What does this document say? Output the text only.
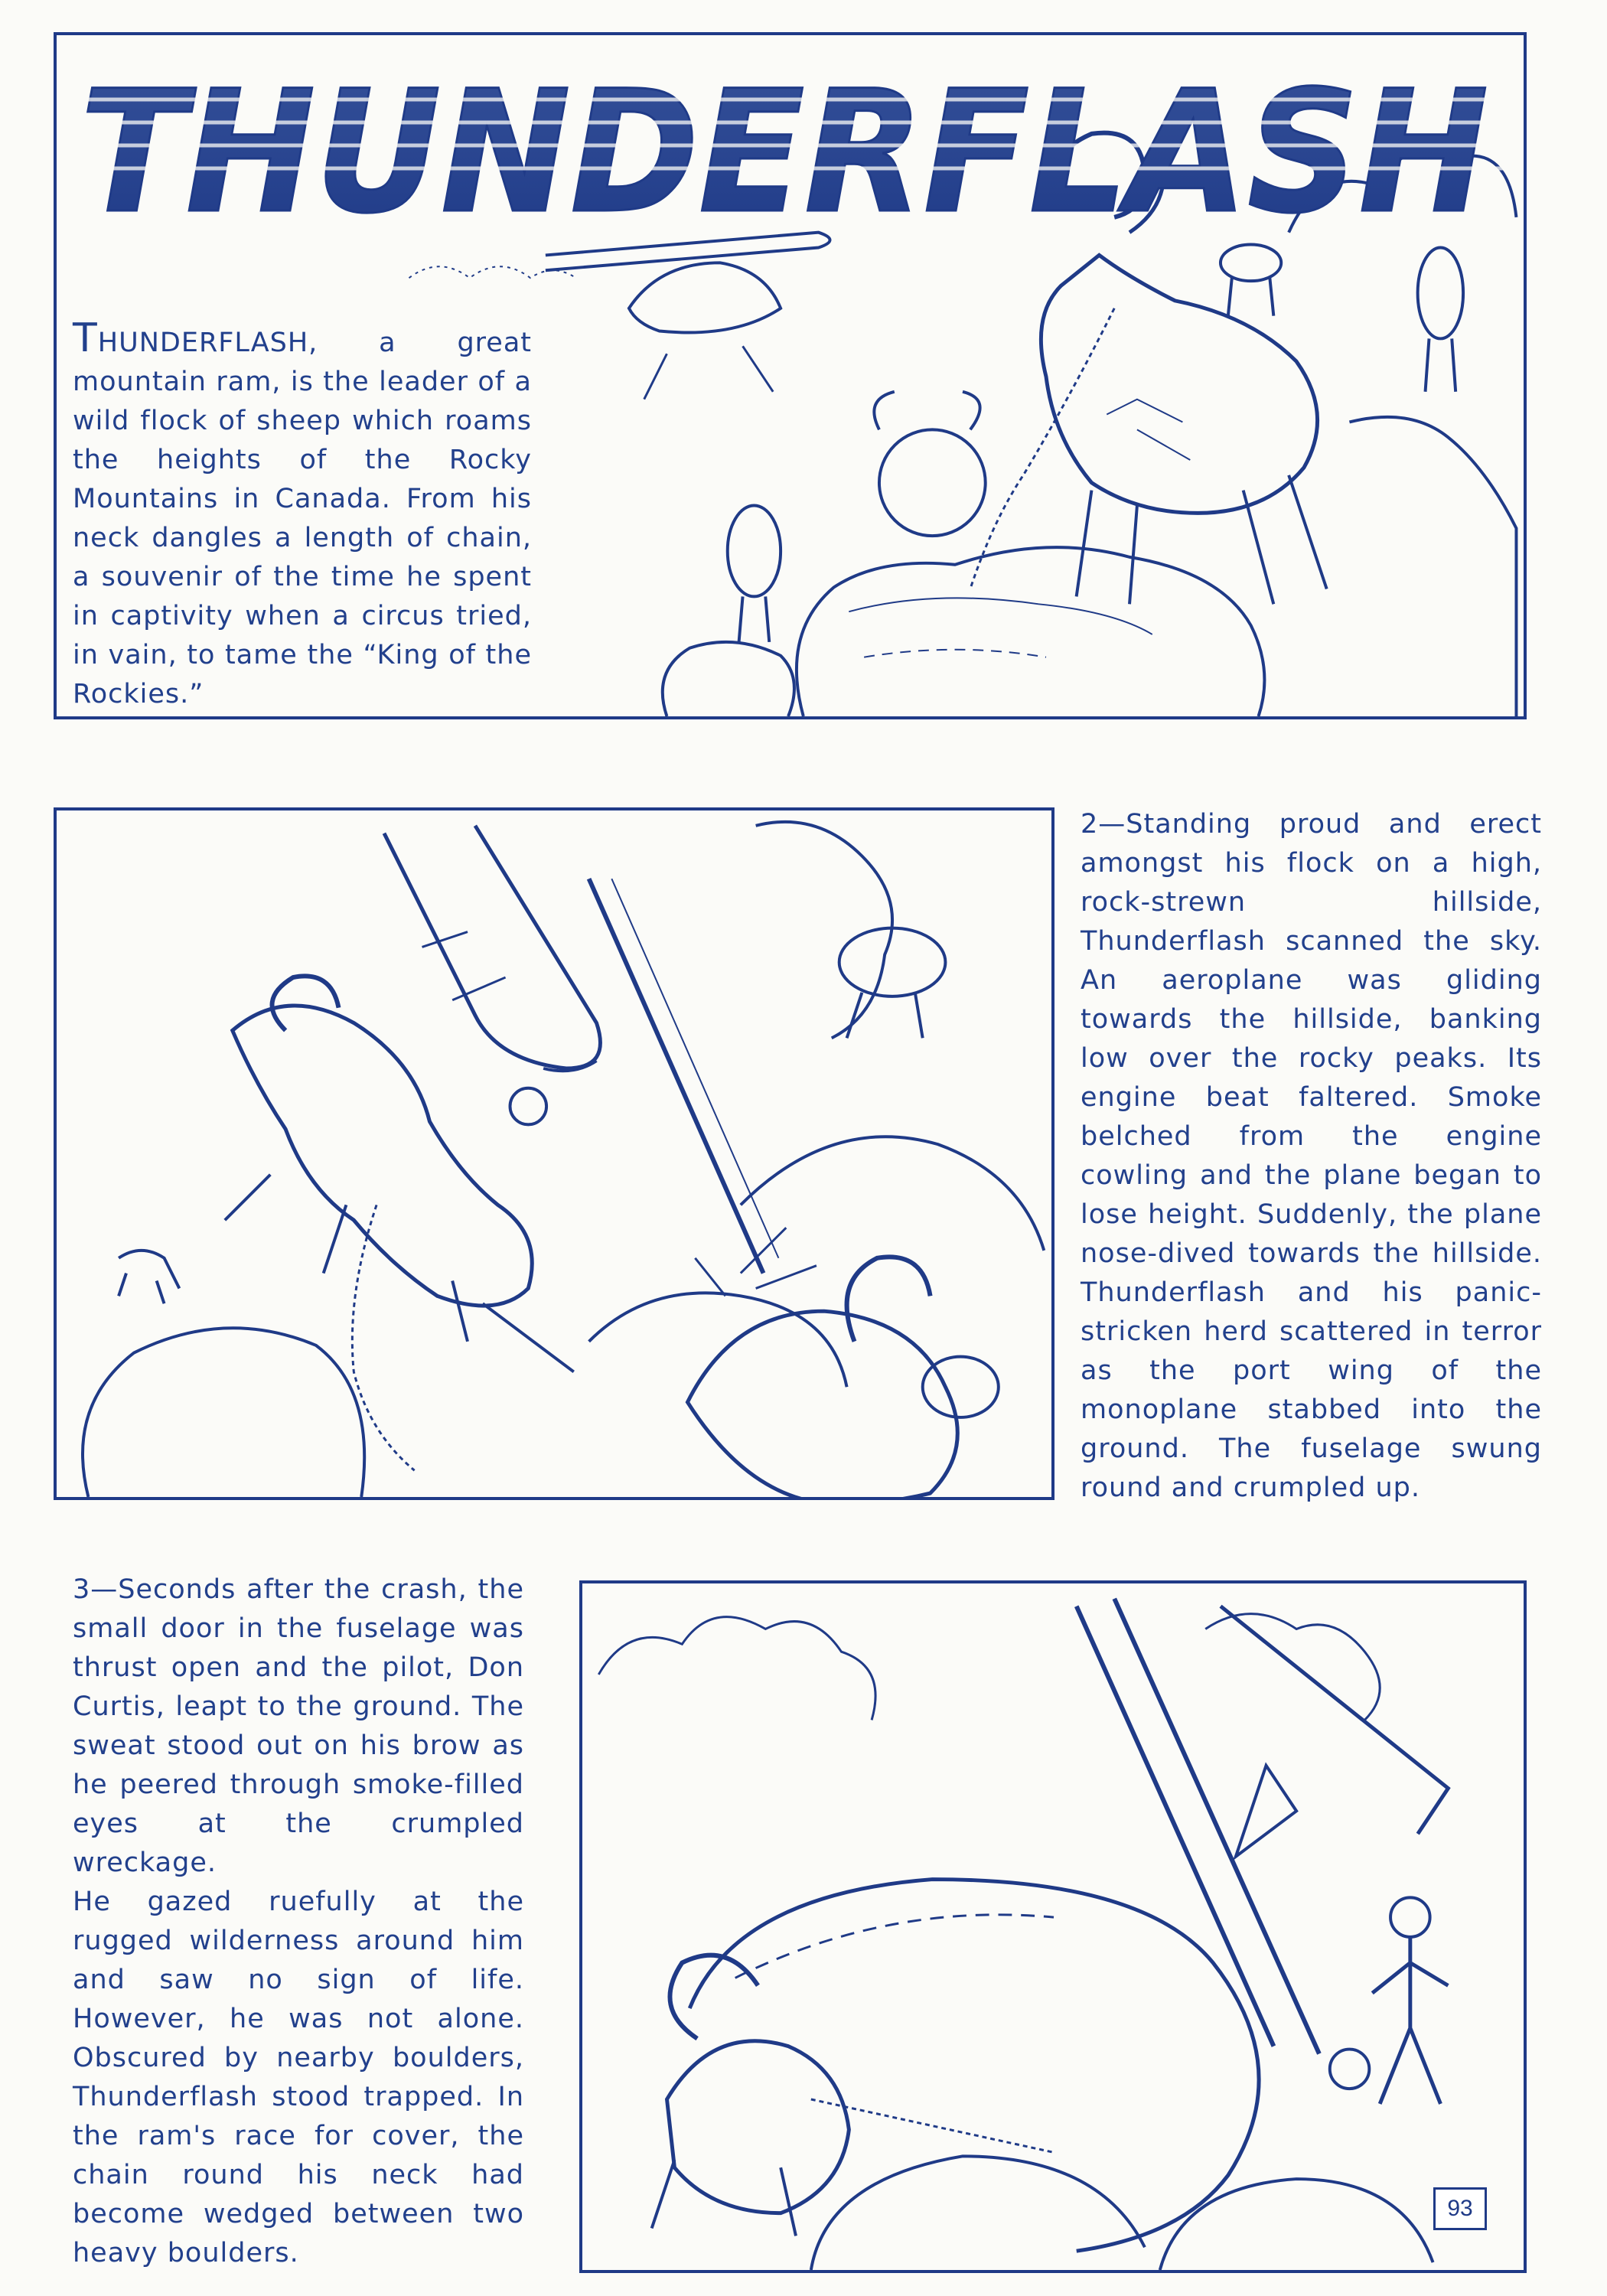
THUNDERFLASH

THUNDERFLASH, a great mountain ram, is the leader of a wild flock of sheep which roams the heights of the Rocky Mountains in Canada. From his neck dangles a length of chain, a souvenir of the time he spent in captivity when a circus tried, in vain, to tame the “King of the Rockies.”

2—Standing proud and erect amongst his flock on a high, rock-strewn hillside, Thunderflash scanned the sky. An aeroplane was gliding towards the hillside, banking low over the rocky peaks. Its engine beat faltered. Smoke belched from the engine cowling and the plane began to lose height. Suddenly, the plane nose-dived towards the hillside. Thunderflash and his panic-stricken herd scattered in terror as the port wing of the monoplane stabbed into the ground. The fuselage swung round and crumpled up.

3—Seconds after the crash, the small door in the fuselage was thrust open and the pilot, Don Curtis, leapt to the ground. The sweat stood out on his brow as he peered through smoke-filled eyes at the crumpled wreckage.
He gazed ruefully at the rugged wilderness around him and saw no sign of life. However, he was not alone. Obscured by nearby boulders, Thunderflash stood trapped. In the ram's race for cover, the chain round his neck had become wedged between two heavy boulders.

93
